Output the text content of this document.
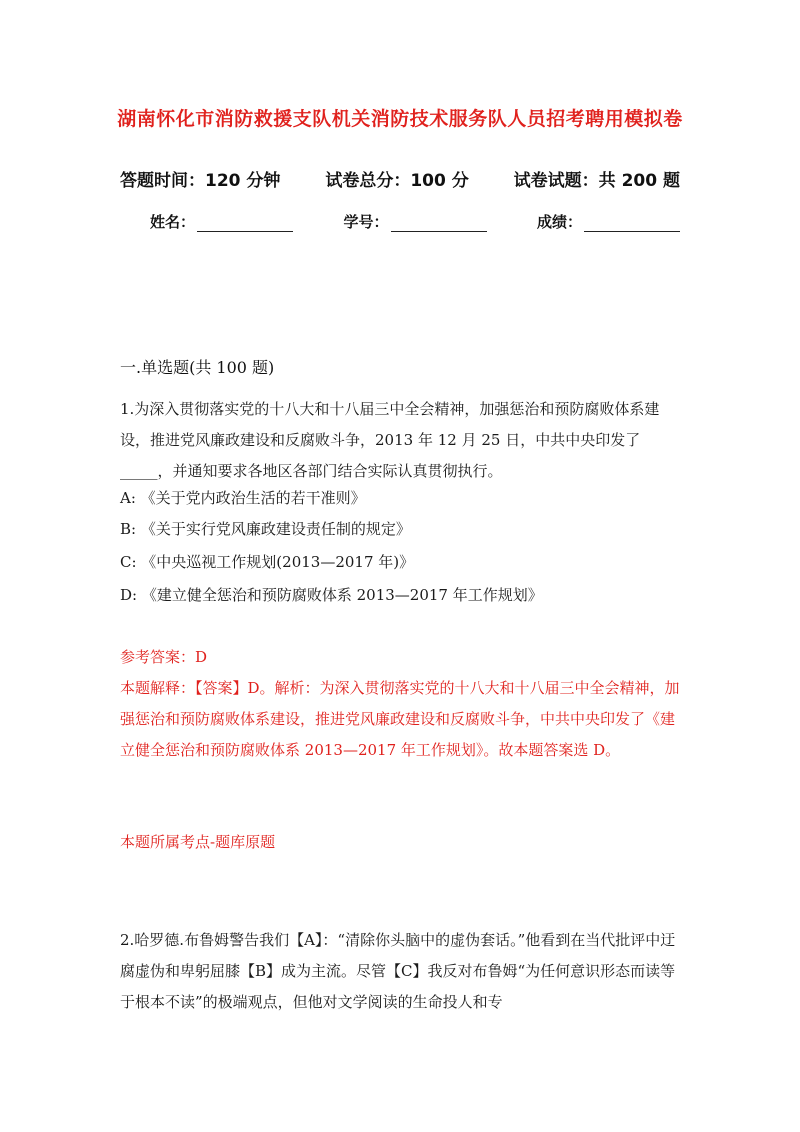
湖南怀化市消防救援支队机关消防技术服务队人员招考聘用模拟卷
答题时间：120 分钟	试卷总分：100 分	试卷试题：共 200 题
姓名：	学号：	成绩：
一.单选题(共 100 题)
1.为深入贯彻落实党的十八大和十八届三中全会精神，加强惩治和预防腐败体系建设，推进党风廉政建设和反腐败斗争，2013 年 12 月 25 日，中共中央印发了_____，并通知要求各地区各部门结合实际认真贯彻执行。
A: 《关于党内政治生活的若干准则》
B: 《关于实行党风廉政建设责任制的规定》
C: 《中央巡视工作规划(2013—2017 年)》
D: 《建立健全惩治和预防腐败体系 2013—2017 年工作规划》
参考答案：D
本题解释：【答案】D。解析：为深入贯彻落实党的十八大和十八届三中全会精神，加强惩治和预防腐败体系建设，推进党风廉政建设和反腐败斗争，中共中央印发了《建立健全惩治和预防腐败体系 2013—2017 年工作规划》。故本题答案选 D。
本题所属考点-题库原题
2.哈罗德.布鲁姆警告我们【A】：“清除你头脑中的虚伪套话。”他看到在当代批评中迂腐虚伪和卑躬屈膝【B】成为主流。尽管【C】我反对布鲁姆“为任何意识形态而读等于根本不读”的极端观点，但他对文学阅读的生命投人和专
